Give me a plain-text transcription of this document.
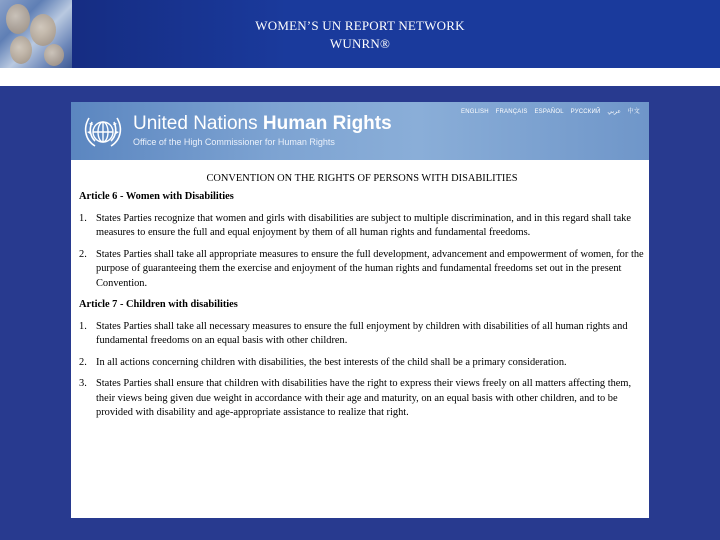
WOMEN’S UN REPORT NETWORK
WUNRN®
United Nations Human Rights
Office of the High Commissioner for Human Rights
ENGLISH FRANÇAIS ESPAÑOL РУССКИЙ عربي 中文
CONVENTION ON THE RIGHTS OF PERSONS WITH DISABILITIES
Article 6 - Women with Disabilities
1. States Parties recognize that women and girls with disabilities are subject to multiple discrimination, and in this regard shall take measures to ensure the full and equal enjoyment by them of all human rights and fundamental freedoms.
2. States Parties shall take all appropriate measures to ensure the full development, advancement and empowerment of women, for the purpose of guaranteeing them the exercise and enjoyment of the human rights and fundamental freedoms set out in the present Convention.
Article 7 - Children with disabilities
1. States Parties shall take all necessary measures to ensure the full enjoyment by children with disabilities of all human rights and fundamental freedoms on an equal basis with other children.
2. In all actions concerning children with disabilities, the best interests of the child shall be a primary consideration.
3. States Parties shall ensure that children with disabilities have the right to express their views freely on all matters affecting them, their views being given due weight in accordance with their age and maturity, on an equal basis with other children, and to be provided with disability and age-appropriate assistance to realize that right.
